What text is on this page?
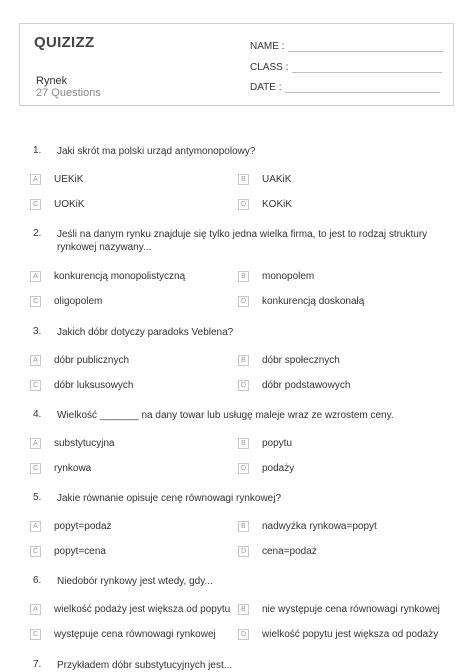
QUIZIZZ
Rynek
27 Questions
NAME :
CLASS :
DATE :
1.	Jaki skrót ma polski urząd antymonopolowy?
A	UEKiK	B	UAKiK
C UOKiK	D KOKiK
2.	Jeśli na danym rynku znajduje się tylko jedna wielka firma, to jest to rodzaj struktury rynkowej nazywany...
A	konkurencją monopolistyczną	B	monopolem
C oligopolem	D konkurencją doskonałą
3.	Jakich dóbr dotyczy paradoks Veblena?
A	dóbr publicznych	B	dóbr społecznych
C dóbr luksusowych	D dóbr podstawowych
4.	Wielkość _______ na dany towar lub usługę maleje wraz ze wzrostem ceny.
A	substytucyjna	B	popytu
C rynkowa	D podaży
5.	Jakie równanie opisuje cenę równowagi rynkowej?
A	popyt=podaż	B	nadwyżka rynkowa=popyt
C popyt=cena	D cena=podaż
6.	Niedobór rynkowy jest wtedy, gdy...
A	wielkość podaży jest większa od popytu	B	nie występuje cena równowagi rynkowej
C występuje cena równowagi rynkowej	D wielkość popytu jest większa od podaży
7.	Przykładem dóbr substytucyjnych jest...
